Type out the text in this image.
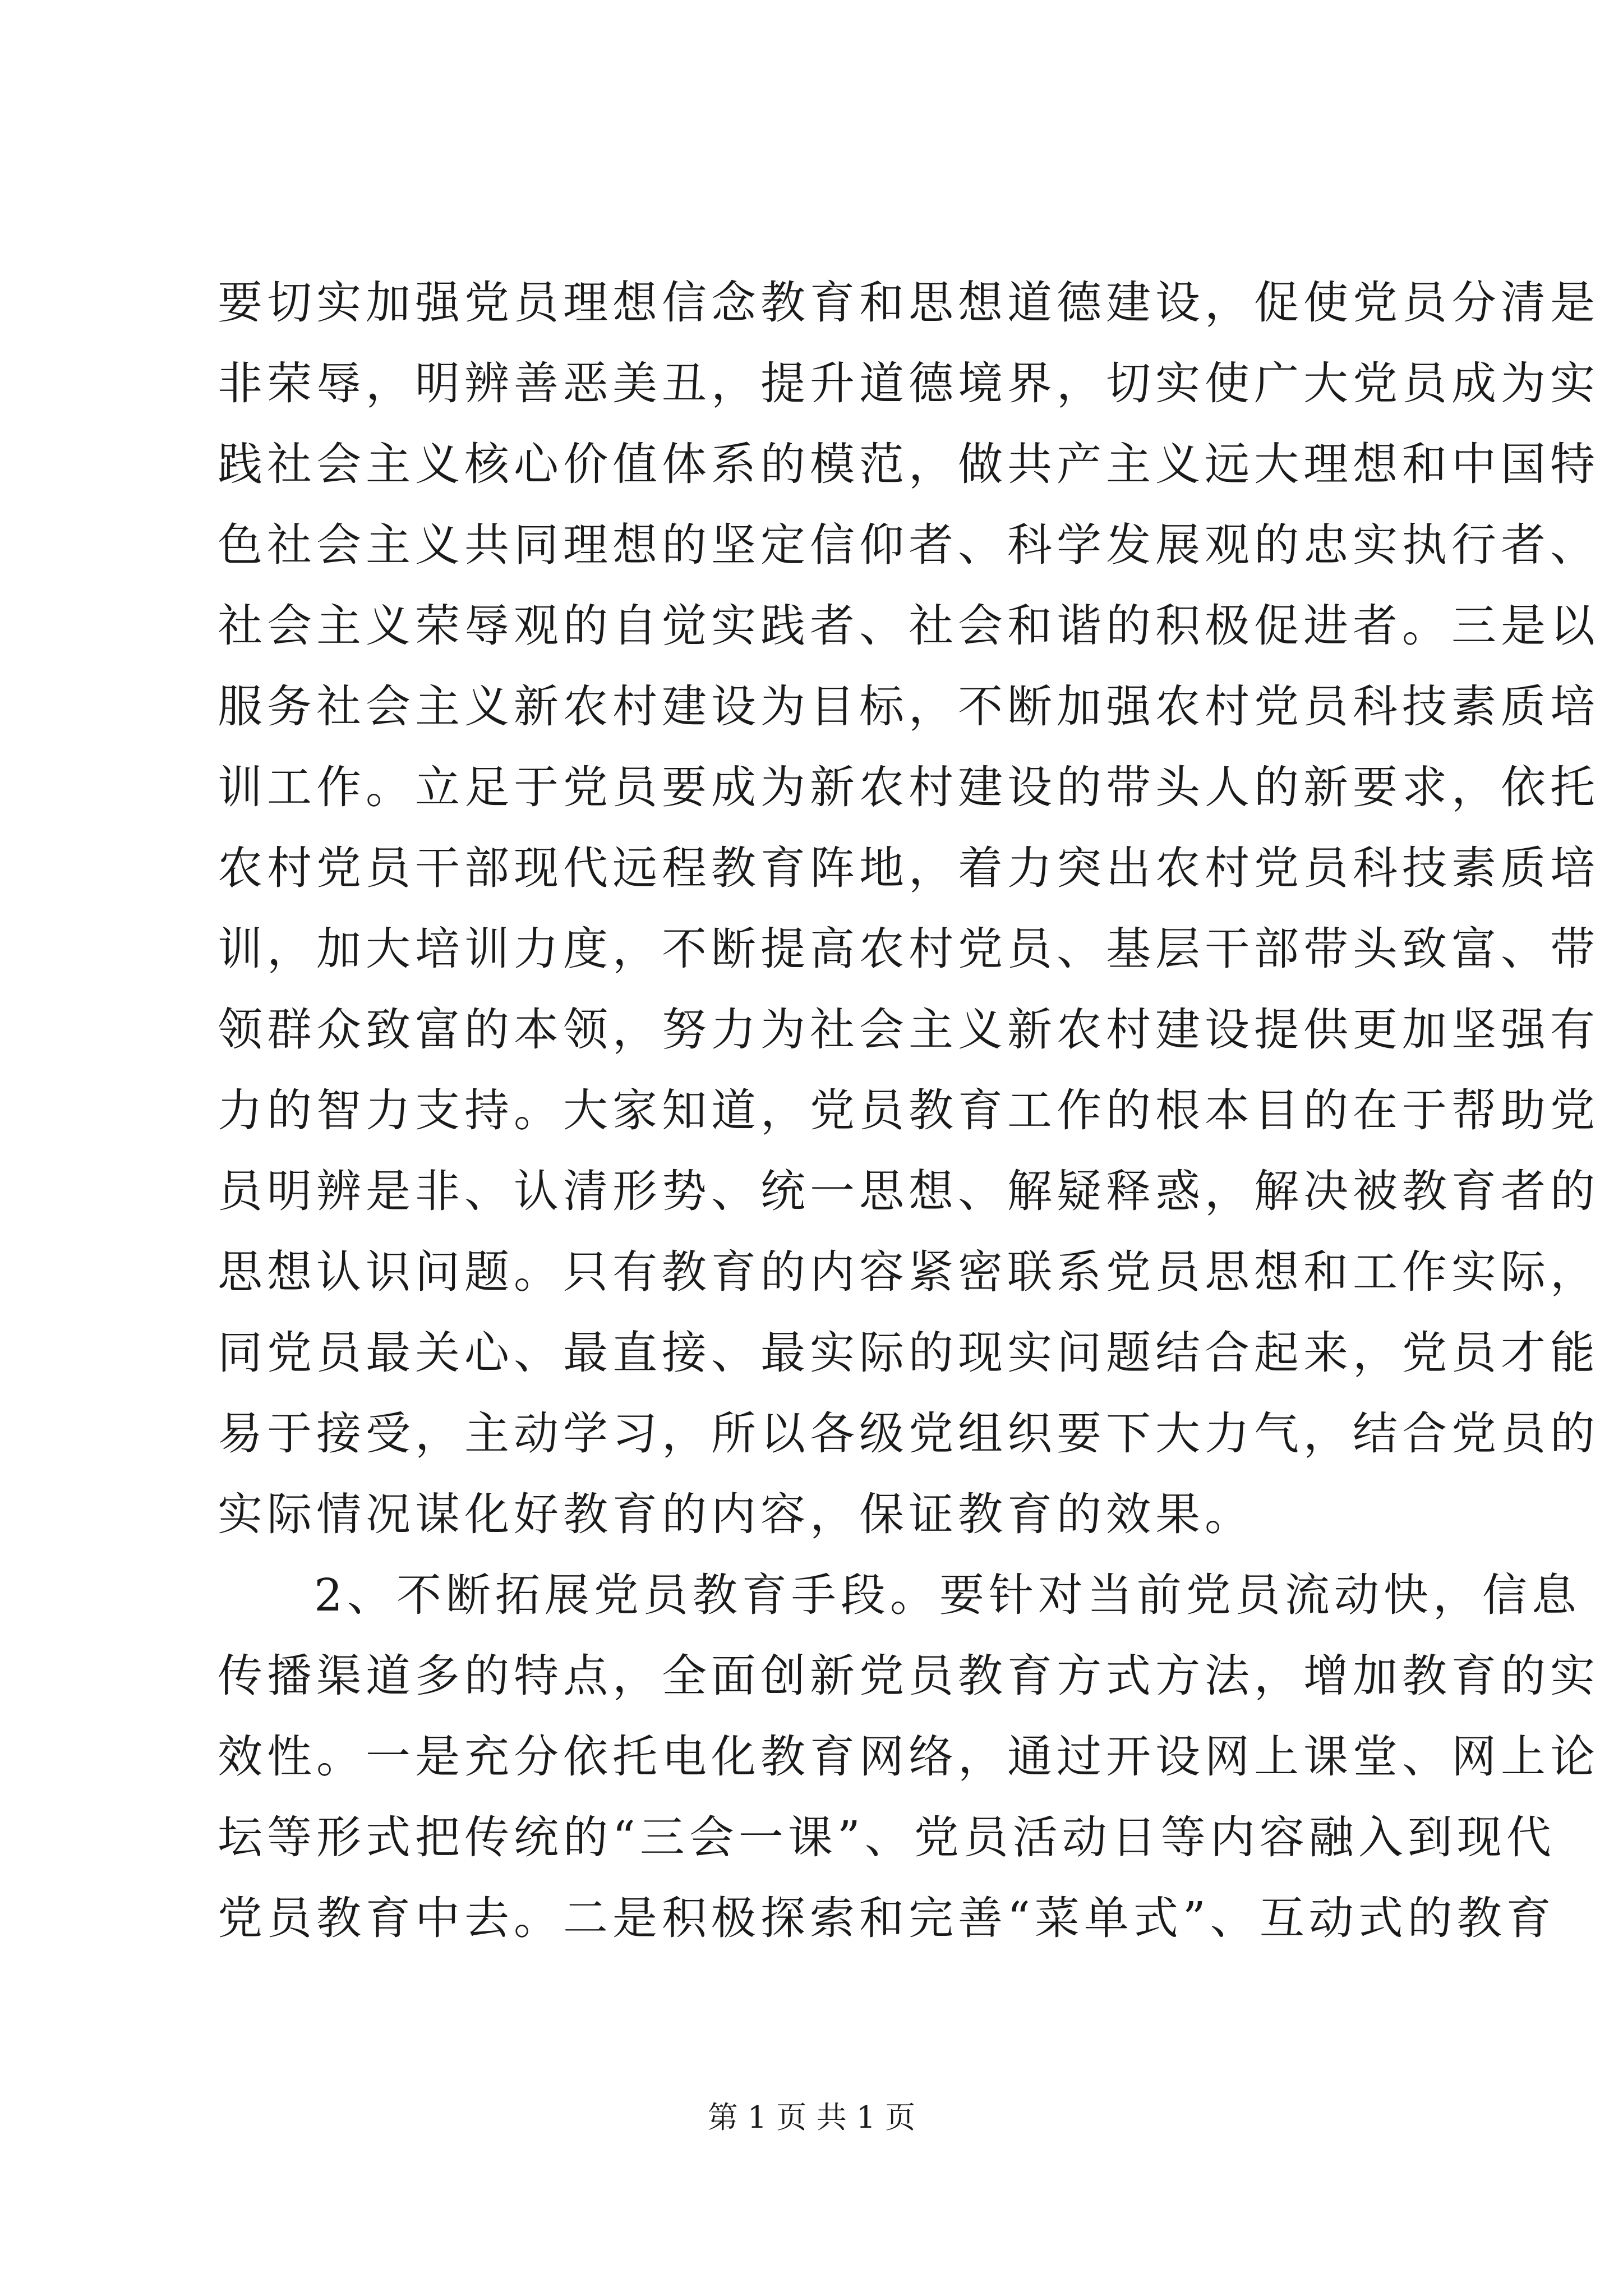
要切实加强党员理想信念教育和思想道德建设，促使党员分清是
非荣辱，明辨善恶美丑，提升道德境界，切实使广大党员成为实
践社会主义核心价值体系的模范，做共产主义远大理想和中国特
色社会主义共同理想的坚定信仰者、科学发展观的忠实执行者、
社会主义荣辱观的自觉实践者、社会和谐的积极促进者。三是以
服务社会主义新农村建设为目标，不断加强农村党员科技素质培
训工作。立足于党员要成为新农村建设的带头人的新要求，依托
农村党员干部现代远程教育阵地，着力突出农村党员科技素质培
训，加大培训力度，不断提高农村党员、基层干部带头致富、带
领群众致富的本领，努力为社会主义新农村建设提供更加坚强有
力的智力支持。大家知道，党员教育工作的根本目的在于帮助党
员明辨是非、认清形势、统一思想、解疑释惑，解决被教育者的
思想认识问题。只有教育的内容紧密联系党员思想和工作实际，
同党员最关心、最直接、最实际的现实问题结合起来，党员才能
易于接受，主动学习，所以各级党组织要下大力气，结合党员的
实际情况谋化好教育的内容，保证教育的效果。
2、不断拓展党员教育手段。要针对当前党员流动快，信息
传播渠道多的特点，全面创新党员教育方式方法，增加教育的实
效性。一是充分依托电化教育网络，通过开设网上课堂、网上论
坛等形式把传统的“三会一课”、党员活动日等内容融入到现代
党员教育中去。二是积极探索和完善“菜单式”、互动式的教育
第 1 页 共 1 页
